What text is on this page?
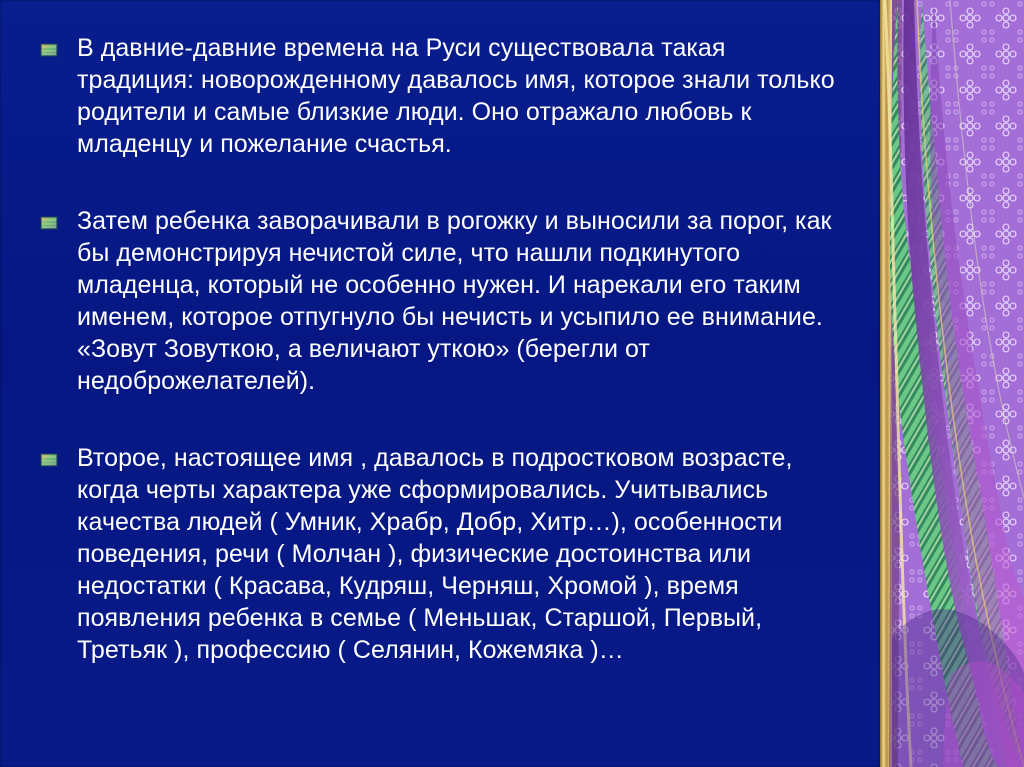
В давние-давние времена на Руси существовала такая традиция: новорожденному давалось имя, которое знали только родители и самые близкие люди. Оно отражало любовь к младенцу и пожелание счастья.
Затем ребенка заворачивали в рогожку и выносили за порог, как бы демонстрируя нечистой силе, что нашли подкинутого младенца, который не особенно нужен. И нарекали его таким именем, которое отпугнуло бы нечисть и усыпило ее внимание. «Зовут Зовуткою, а величают уткою» (берегли от недоброжелателей).
Второе, настоящее имя , давалось в подростковом возрасте, когда черты характера уже сформировались. Учитывались качества людей ( Умник, Храбр, Добр, Хитр…), особенности поведения, речи ( Молчан ), физические достоинства или недостатки ( Красава, Кудряш, Черняш, Хромой ), время появления ребенка в семье ( Меньшак, Старшой, Первый, Третьяк ), профессию ( Селянин, Кожемяка )…
